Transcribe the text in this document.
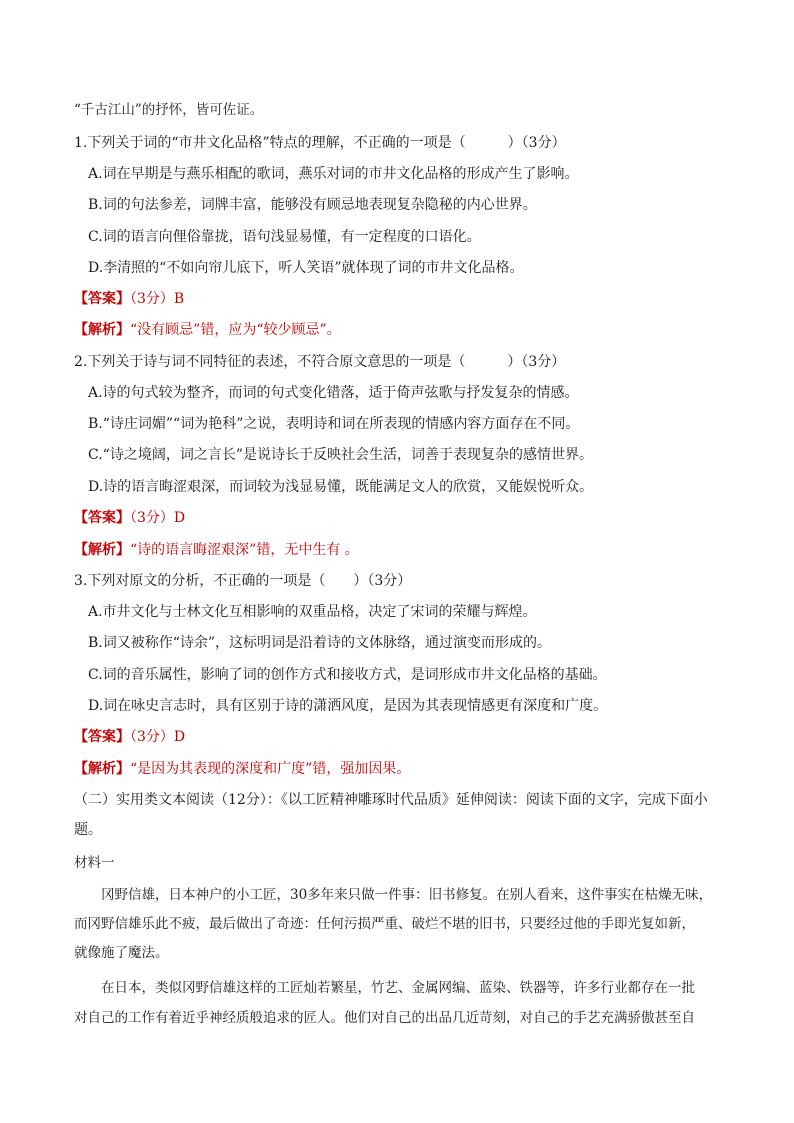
“千古江山”的抒怀，皆可佐证。
1.下列关于词的“市井文化品格”特点的理解，不正确的一项是（　　　）（3分）
A.词在早期是与燕乐相配的歌词，燕乐对词的市井文化品格的形成产生了影响。
B.词的句法参差，词牌丰富，能够没有顾忌地表现复杂隐秘的内心世界。
C.词的语言向俚俗靠拢，语句浅显易懂，有一定程度的口语化。
D.李清照的“不如向帘儿底下，听人笑语”就体现了词的市井文化品格。
【答案】（3分）B
【解析】“没有顾忌”错，应为“较少顾忌”。
2.下列关于诗与词不同特征的表述，不符合原文意思的一项是（　　　）（3分）
A.诗的句式较为整齐，而词的句式变化错落，适于倚声弦歌与抒发复杂的情感。
B.“诗庄词媚”“词为艳科”之说，表明诗和词在所表现的情感内容方面存在不同。
C.“诗之境阔，词之言长”是说诗长于反映社会生活，词善于表现复杂的感情世界。
D.诗的语言晦涩艰深，而词较为浅显易懂，既能满足文人的欣赏，又能娱悦听众。
【答案】（3分）D
【解析】“诗的语言晦涩艰深”错，无中生有 。
3.下列对原文的分析，不正确的一项是（　　）（3分）
A.市井文化与士林文化互相影响的双重品格，决定了宋词的荣耀与辉煌。
B.词又被称作“诗余”，这标明词是沿着诗的文体脉络，通过演变而形成的。
C.词的音乐属性，影响了词的创作方式和接收方式，是词形成市井文化品格的基础。
D.词在咏史言志时，具有区别于诗的潇洒风度，是因为其表现情感更有深度和广度。
【答案】（3分）D
【解析】“是因为其表现的深度和广度”错，强加因果。
（二）实用类文本阅读（12分）：《以工匠精神雕琢时代品质》延伸阅读：阅读下面的文字，完成下面小
题。
材料一
冈野信雄，日本神户的小工匠，30多年来只做一件事：旧书修复。在别人看来，这件事实在枯燥无味，
而冈野信雄乐此不疲，最后做出了奇迹：任何污损严重、破烂不堪的旧书，只要经过他的手即光复如新，
就像施了魔法。
在日本，类似冈野信雄这样的工匠灿若繁星，竹艺、金属网编、蓝染、铁器等，许多行业都存在一批
对自己的工作有着近乎神经质般追求的匠人。他们对自己的出品几近苛刻，对自己的手艺充满骄傲甚至自
